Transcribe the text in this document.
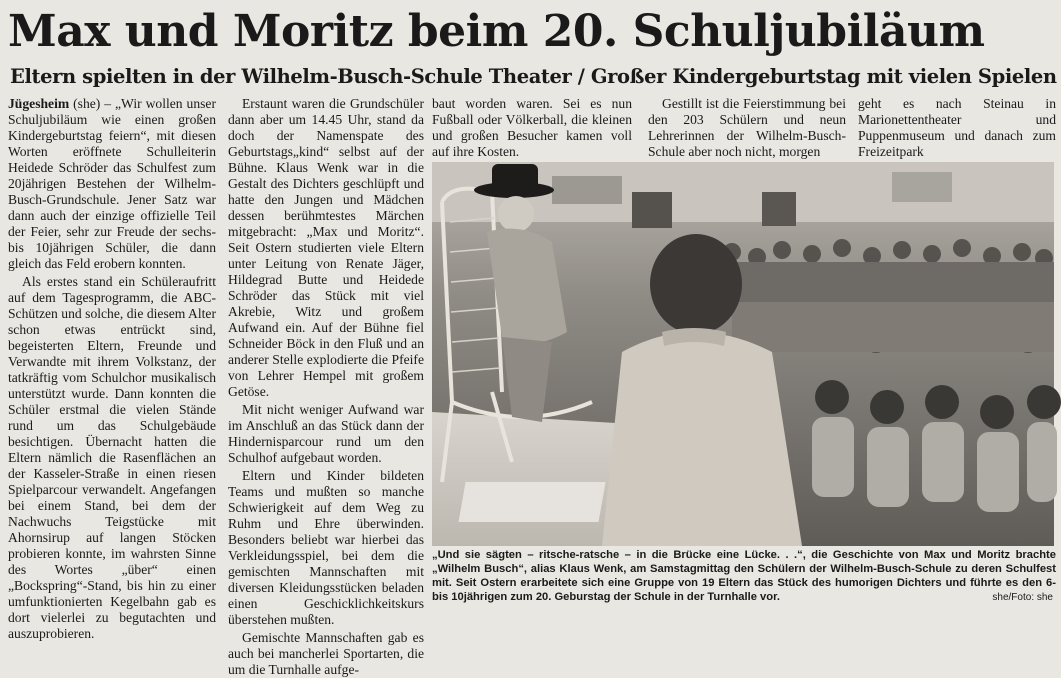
Max und Moritz beim 20. Schuljubiläum
Eltern spielten in der Wilhelm-Busch-Schule Theater / Großer Kindergeburtstag mit vielen Spielen

Jügesheim (she) – „Wir wollen unser Schuljubiläum wie einen großen Kindergeburtstag feiern“, mit diesen Worten eröffnete Schulleiterin Heidede Schröder das Schulfest zum 20jährigen Bestehen der Wilhelm-Busch-Grundschule. Jener Satz war dann auch der einzige offizielle Teil der Feier, sehr zur Freude der sechs- bis 10jährigen Schüler, die dann gleich das Feld erobern konnten.

Als erstes stand ein Schüleraufritt auf dem Tagesprogramm, die ABC-Schützen und solche, die diesem Alter schon etwas entrückt sind, begeisterten Eltern, Freunde und Verwandte mit ihrem Volkstanz, der tatkräftig vom Schulchor musikalisch unterstützt wurde. Dann konnten die Schüler erstmal die vielen Stände rund um das Schulgebäude besichtigen. Übernacht hatten die Eltern nämlich die Rasenflächen an der Kasseler-Straße in einen riesen Spielparcour verwandelt. Angefangen bei einem Stand, bei dem der Nachwuchs Teigstücke mit Ahornsirup auf langen Stöcken probieren konnte, im wahrsten Sinne des Wortes „über“ einen „Bockspring“-Stand, bis hin zu einer umfunktionierten Kegelbahn gab es dort vielerlei zu begutachten und auszuprobieren.

Erstaunt waren die Grundschüler dann aber um 14.45 Uhr, stand da doch der Namenspate des Geburtstags„kind“ selbst auf der Bühne. Klaus Wenk war in die Gestalt des Dichters geschlüpft und hatte den Jungen und Mädchen dessen berühmtestes Märchen mitgebracht: „Max und Moritz“. Seit Ostern studierten viele Eltern unter Leitung von Renate Jäger, Hildegrad Butte und Heidede Schröder das Stück mit viel Akrebie, Witz und großem Aufwand ein. Auf der Bühne fiel Schneider Böck in den Fluß und an anderer Stelle explodierte die Pfeife von Lehrer Hempel mit großem Getöse.

Mit nicht weniger Aufwand war im Anschluß an das Stück dann der Hindernisparcour rund um den Schulhof aufgebaut worden.

Eltern und Kinder bildeten Teams und mußten so manche Schwierigkeit auf dem Weg zu Ruhm und Ehre überwinden. Besonders beliebt war hierbei das Verkleidungsspiel, bei dem die gemischten Mannschaften mit diversen Kleidungsstücken beladen einen Geschicklichkeitskurs überstehen mußten.

Gemischte Mannschaften gab es auch bei mancherlei Sportarten, die um die Turnhalle aufge-

baut worden waren. Sei es nun Fußball oder Völkerball, die kleinen und großen Besucher kamen voll auf ihre Kosten.

Gestillt ist die Feierstimmung bei den 203 Schülern und neun Lehrerinnen der Wilhelm-Busch-Schule aber noch nicht, morgen

geht es nach Steinau in Marionettentheater und Puppenmuseum und danach zum Freizeitpark

„Und sie sägten – ritsche-ratsche – in die Brücke eine Lücke. . .“, die Geschichte von Max und Moritz brachte „Wilhelm Busch“, alias Klaus Wenk, am Samstagmittag den Schülern der Wilhelm-Busch-Schule zu deren Schulfest mit. Seit Ostern erarbeitete sich eine Gruppe von 19 Eltern das Stück des humorigen Dichters und führte es den 6- bis 10jährigen zum 20. Geburstag der Schule in der Turnhalle vor.	she/Foto: she
